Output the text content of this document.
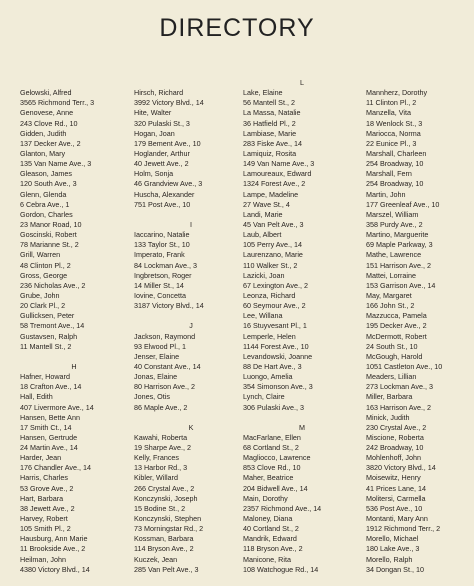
DIRECTORY
Gelowski, Alfred
3565 Richmond Terr., 3
Genovese, Anne
243 Clove Rd., 10
Gidden, Judith
137 Decker Ave., 2
Glanton, Mary
135 Van Name Ave., 3
Gleason, James
120 South Ave., 3
Glenn, Glenda
6 Cebra Ave., 1
Gordon, Charles
23 Manor Road, 10
Goscinski, Robert
78 Marianne St., 2
Grill, Warren
48 Clinton Pl., 2
Gross, George
236 Nicholas Ave., 2
Grube, John
20 Clark Pl., 2
Gullicksen, Peter
58 Tremont Ave., 14
Gustavsen, Ralph
11 Mantell St., 2
H
Hafner, Howard
18 Crafton Ave., 14
Hall, Edith
407 Livermore Ave., 14
Hansen, Bette Ann
17 Smith Ct., 14
Hansen, Gertrude
24 Martin Ave., 14
Harder, Jean
176 Chandler Ave., 14
Harris, Charles
53 Grove Ave., 2
Hart, Barbara
38 Jewett Ave., 2
Harvey, Robert
105 Smith Pl., 2
Hausburg, Ann Marie
11 Brookside Ave., 2
Heilman, John
4380 Victory Blvd., 14
Hirsch, Richard
3992 Victory Blvd., 14
Hite, Walter
320 Pulaski St., 3
Hogan, Joan
179 Bement Ave., 10
Hoglander, Arthur
40 Jewett Ave., 2
Holm, Sonja
46 Grandview Ave., 3
Huscha, Alexander
751 Post Ave., 10
I
Iaccarino, Natalie
133 Taylor St., 10
Imperato, Frank
84 Lockman Ave., 3
Ingbretson, Roger
14 Miller St., 14
Iovine, Concetta
3187 Victory Blvd., 14
J
Jackson, Raymond
93 Elwood Pl., 1
Jenser, Elaine
40 Constant Ave., 14
Jonas, Elaine
80 Harrison Ave., 2
Jones, Otis
86 Maple Ave., 2
K
Kawahi, Roberta
19 Sharpe Ave., 2
Kelly, Frances
13 Harbor Rd., 3
Kibler, Willard
266 Crystal Ave., 2
Konczynski, Joseph
15 Bodine St., 2
Konczynski, Stephen
73 Morningstar Rd., 2
Kossman, Barbara
114 Bryson Ave., 2
Kuczek, Jean
285 Van Pelt Ave., 3
L
Lake, Elaine
56 Mantell St., 2
La Massa, Natalie
36 Hatfield Pl., 2
Lambiase, Marie
283 Fiske Ave., 14
Lamiquiz, Rosita
149 Van Name Ave., 3
Lamoureaux, Edward
1324 Forest Ave., 2
Lampe, Madeline
27 Wave St., 4
Landi, Marie
45 Van Pelt Ave., 3
Laub, Albert
105 Perry Ave., 14
Laurenzano, Marie
110 Walker St., 2
Lazicki, Joan
67 Lexington Ave., 2
Leonza, Richard
60 Seymour Ave., 2
Lee, Willana
16 Stuyvesant Pl., 1
Lemperle, Helen
1144 Forest Ave., 10
Levandowski, Joanne
88 De Hart Ave., 3
Luongo, Amelia
354 Simonson Ave., 3
Lynch, Claire
306 Pulaski Ave., 3
M
MacFarlane, Ellen
68 Cortland St., 2
Magliocco, Lawrence
853 Clove Rd., 10
Maher, Beatrice
204 Bidwell Ave., 14
Main, Dorothy
2357 Richmond Ave., 14
Maloney, Diana
40 Cortland St., 2
Mandrik, Edward
118 Bryson Ave., 2
Manicone, Rita
108 Watchogue Rd., 14
Mannherz, Dorothy
11 Clinton Pl., 2
Manzella, Vita
18 Wenlock St., 3
Mariocca, Norma
22 Eunice Pl., 3
Marshall, Charleen
254 Broadway, 10
Marshall, Fern
254 Broadway, 10
Martin, John
177 Greenleaf Ave., 10
Marszel, William
358 Purdy Ave., 2
Martino, Marguerite
69 Maple Parkway, 3
Mathe, Lawrence
151 Harrison Ave., 2
Mattei, Lorraine
153 Garrison Ave., 14
May, Margaret
166 John St., 2
Mazzucca, Pamela
195 Decker Ave., 2
McDermott, Robert
24 South St., 10
McGough, Harold
1051 Castleton Ave., 10
Meaders, Lillian
273 Lockman Ave., 3
Miller, Barbara
163 Harrison Ave., 2
Minick, Judith
230 Crystal Ave., 2
Miscione, Roberta
242 Broadway, 10
Mohlenhoff, John
3820 Victory Blvd., 14
Moisewitz, Henry
41 Prices Lane, 14
Molitersi, Carmella
536 Post Ave., 10
Montanti, Mary Ann
1912 Richmond Terr., 2
Morello, Michael
180 Lake Ave., 3
Morello, Ralph
34 Dongan St., 10
